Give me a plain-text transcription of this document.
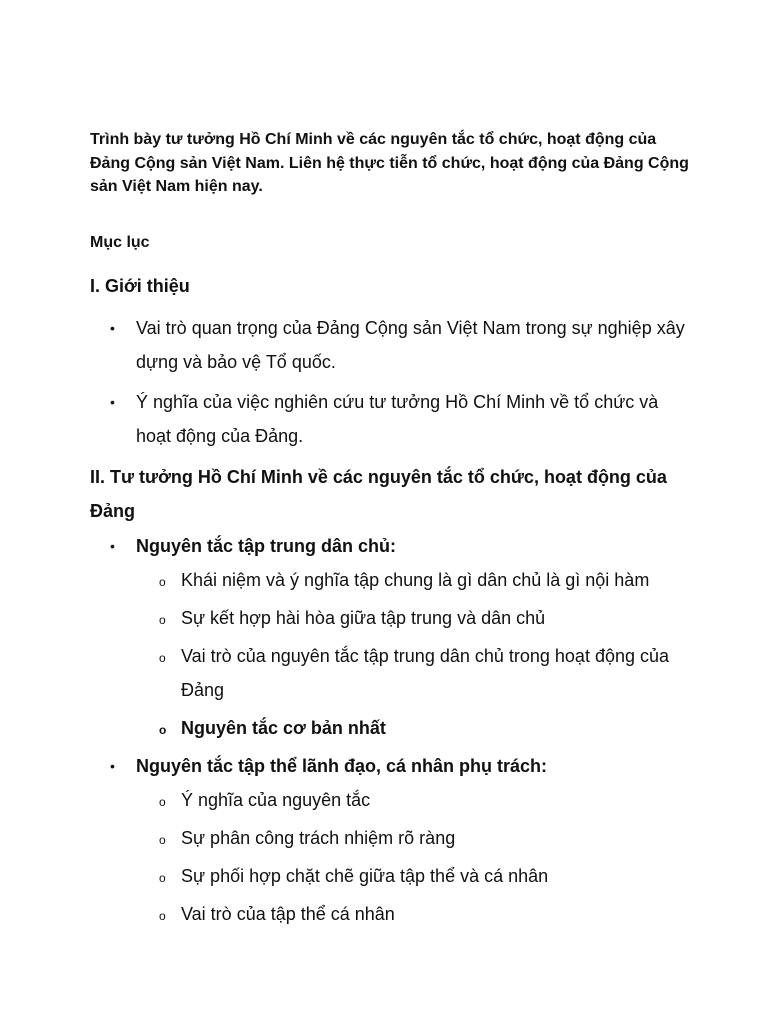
Trình bày tư tưởng Hồ Chí Minh về các nguyên tắc tổ chức, hoạt động của Đảng Cộng sản Việt Nam. Liên hệ thực tiễn tổ chức, hoạt động của Đảng Cộng sản Việt Nam hiện nay.

Mục lục

I. Giới thiệu

• Vai trò quan trọng của Đảng Cộng sản Việt Nam trong sự nghiệp xây dựng và bảo vệ Tổ quốc.
• Ý nghĩa của việc nghiên cứu tư tưởng Hồ Chí Minh về tổ chức và hoạt động của Đảng.

II. Tư tưởng Hồ Chí Minh về các nguyên tắc tổ chức, hoạt động của Đảng

• Nguyên tắc tập trung dân chủ:
o Khái niệm và ý nghĩa tập chung là gì dân chủ là gì nội hàm
o Sự kết hợp hài hòa giữa tập trung và dân chủ
o Vai trò của nguyên tắc tập trung dân chủ trong hoạt động của Đảng
o Nguyên tắc cơ bản nhất
• Nguyên tắc tập thể lãnh đạo, cá nhân phụ trách:
o Ý nghĩa của nguyên tắc
o Sự phân công trách nhiệm rõ ràng
o Sự phối hợp chặt chẽ giữa tập thể và cá nhân
o Vai trò của tập thể cá nhân
